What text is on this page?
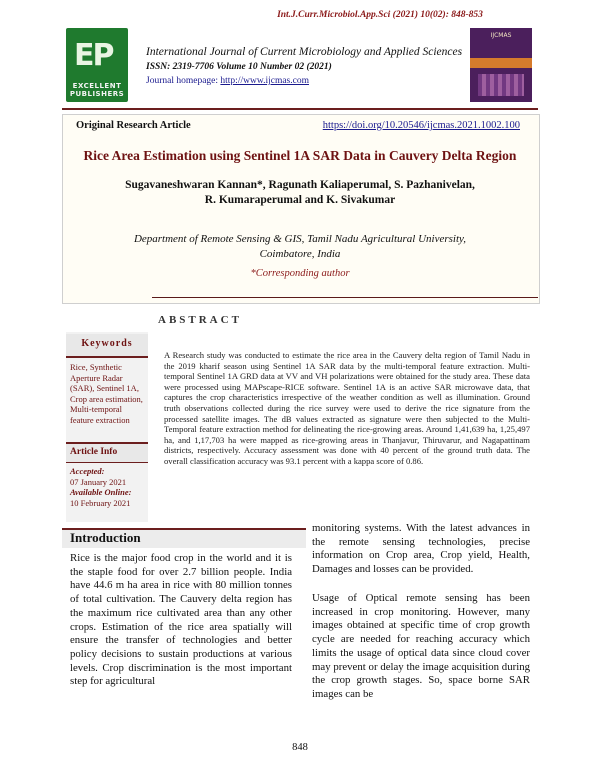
Int.J.Curr.Microbiol.App.Sci (2021) 10(02): 848-853
EP
EXCELLENT PUBLISHERS
International Journal of Current Microbiology and Applied Sciences
ISSN: 2319-7706 Volume 10 Number 02 (2021)
Journal homepage: http://www.ijcmas.com
IJCMAS
Original Research Article	https://doi.org/10.20546/ijcmas.2021.1002.100
Rice Area Estimation using Sentinel 1A SAR Data in Cauvery Delta Region
Sugavaneshwaran Kannan*, Ragunath Kaliaperumal, S. Pazhanivelan,
R. Kumaraperumal and K. Sivakumar
Department of Remote Sensing & GIS, Tamil Nadu Agricultural University,
Coimbatore, India
*Corresponding author
ABSTRACT
Keywords
Rice, Synthetic Aperture Radar (SAR), Sentinel 1A, Crop area estimation, Multi-temporal feature extraction
Article Info
Accepted:
07 January 2021
Available Online:
10 February 2021
A Research study was conducted to estimate the rice area in the Cauvery delta region of Tamil Nadu in the 2019 kharif season using Sentinel 1A SAR data by the multi-temporal feature extraction. Multi-temporal Sentinel 1A GRD data at VV and VH polarizations were obtained for the study area. These data were processed using MAPscape-RICE software. Sentinel 1A is an active SAR microwave data, that captures the crop characteristics irrespective of the weather condition as well as illumination. Ground truth observations collected during the rice survey were used to derive the rice signature from the processed satellite images. The dB values extracted as signature were then subjected to the Multi-Temporal feature extraction method for delineating the rice-growing areas. Around 1,41,639 ha, 1,25,497 ha, and 1,17,703 ha were mapped as rice-growing areas in Thanjavur, Thiruvarur, and Nagapattinam districts, respectively. Accuracy assessment was done with 40 percent of the ground truth data. The overall classification accuracy was 93.1 percent with a kappa score of 0.86.
Introduction

Rice is the major food crop in the world and it is the staple food for over 2.7 billion people. India have 44.6 m ha area in rice with 80 million tonnes of total cultivation. The Cauvery delta region has the maximum rice cultivated area than any other crops. Estimation of the rice area spatially will ensure the transfer of technologies and better policy decisions to sustain productions at various levels. Crop discrimination is the most important step for agricultural

monitoring systems. With the latest advances in the remote sensing technologies, precise information on Crop area, Crop yield, Health, Damages and losses can be provided.

Usage of Optical remote sensing has been increased in crop monitoring. However, many images obtained at specific time of crop growth cycle are needed for reaching accuracy which limits the usage of optical data since cloud cover may prevent or delay the image acquisition during the crop growth stages. So, space borne SAR images can be

848
